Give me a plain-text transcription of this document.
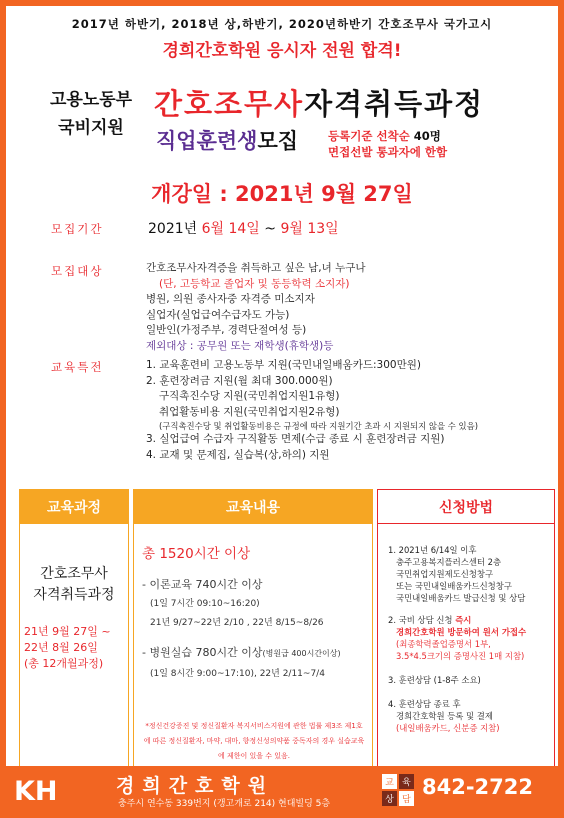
2017년 하반기, 2018년 상,하반기, 2020년하반기 간호조무사 국가고시
경희간호학원 응시자 전원 합격!
고용노동부
국비지원
간호조무사자격취득과정
직업훈련생모집	등록기준 선착순 40명
면접선발 통과자에 한함
개강일 : 2021년 9월 27일
모집기간	2021년 6월 14일 ~ 9월 13일
모집대상	간호조무사자격증을 취득하고 싶은 남,녀 누구나
(단, 고등학교 졸업자 및 동등학력 소지자)
병원, 의원 종사자중 자격증 미소지자
실업자(실업급여수급자도 가능)
일반인(가정주부, 경력단절여성 등)
제외대상 : 공무원 또는 재학생(휴학생)등
교육특전	1. 교육훈련비 고용노동부 지원(국민내일배움카드:300만원)
2. 훈련장려금 지원(월 최대 300.000원)
구직촉진수당 지원(국민취업지원1유형)
취업활동비용 지원(국민취업지원2유형)
(구직촉진수당 및 취업활동비용은 규정에 따라 지원기간 초과 시 지원되지 않을 수 있음)
3. 실업급여 수급자 구직활동 면제(수급 종료 시 훈련장려금 지원)
4. 교재 및 문제집, 실습복(상,하의) 지원
교육과정
간호조무사
자격취득과정
21년 9월 27일 ~
22년 8월 26일
(총 12개월과정)
교육내용
총 1520시간 이상
- 이론교육 740시간 이상
(1일 7시간 09:10~16:20)
21년 9/27~22년 2/10 , 22년 8/15~8/26
- 병원실습 780시간 이상(병원급 400시간이상)
(1일 8시간 9:00~17:10), 22년 2/11~7/4
*정신건강증진 및 정신질환자 복지서비스지원에 관한 법률 제3조 제1호에 따른 정신질환자, 마약, 대마, 향정신성의약품 중독자의 경우 실습교육에 제한이 있을 수 있음.
신청방법
1. 2021년 6/14일 이후
충주고용복지플러스센터 2층
국민취업지원제도신청창구
또는 국민내일배움카드신청창구
국민내일배움카드 발급신청 및 상담
2. 국비 상담 신청 즉시
경희간호학원 방문하여 원서 가접수
(최종학력졸업증명서 1부,
3.5*4.5크기의 증명사진 1매 지참)
3. 훈련상담 (1-8주 소요)
4. 훈련상담 종료 후
경희간호학원 등록 및 결제
(내일배움카드, 신분증 지참)
KH	경희간호학원
충주시 연수동 339번지 (갱고개로 214) 현대빌딩 5층
교 육
상 담
842-2722
